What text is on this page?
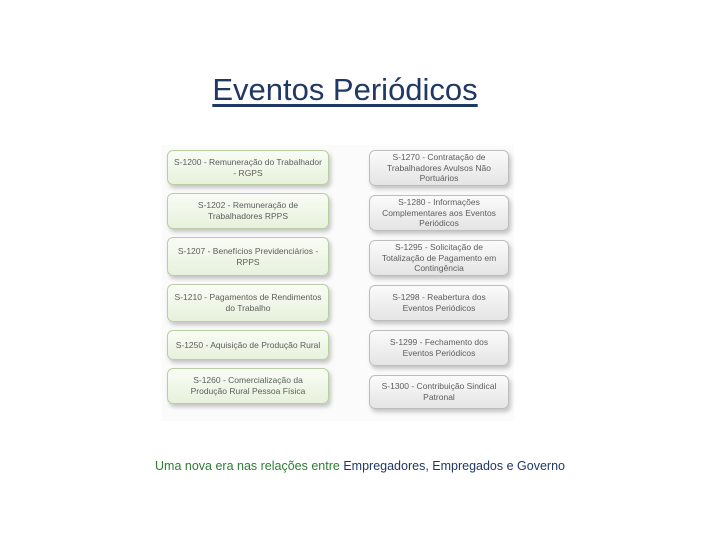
Eventos Periódicos
S-1200 - Remuneração do Trabalhador - RGPS
S-1202 - Remuneração de Trabalhadores RPPS
S-1207 - Benefícios Previdenciários - RPPS
S-1210 - Pagamentos de Rendimentos do Trabalho
S-1250 - Aquisição de Produção Rural
S-1260 - Comercialização da Produção Rural Pessoa Física
S-1270 - Contratação de Trabalhadores Avulsos Não Portuários
S-1280 - Informações Complementares aos Eventos Periódicos
S-1295 - Solicitação de Totalização de Pagamento em Contingência
S-1298 - Reabertura dos Eventos Periódicos
S-1299 - Fechamento dos Eventos Periódicos
S-1300 - Contribuição Sindical Patronal
Uma nova era nas relações entre Empregadores, Empregados e Governo
